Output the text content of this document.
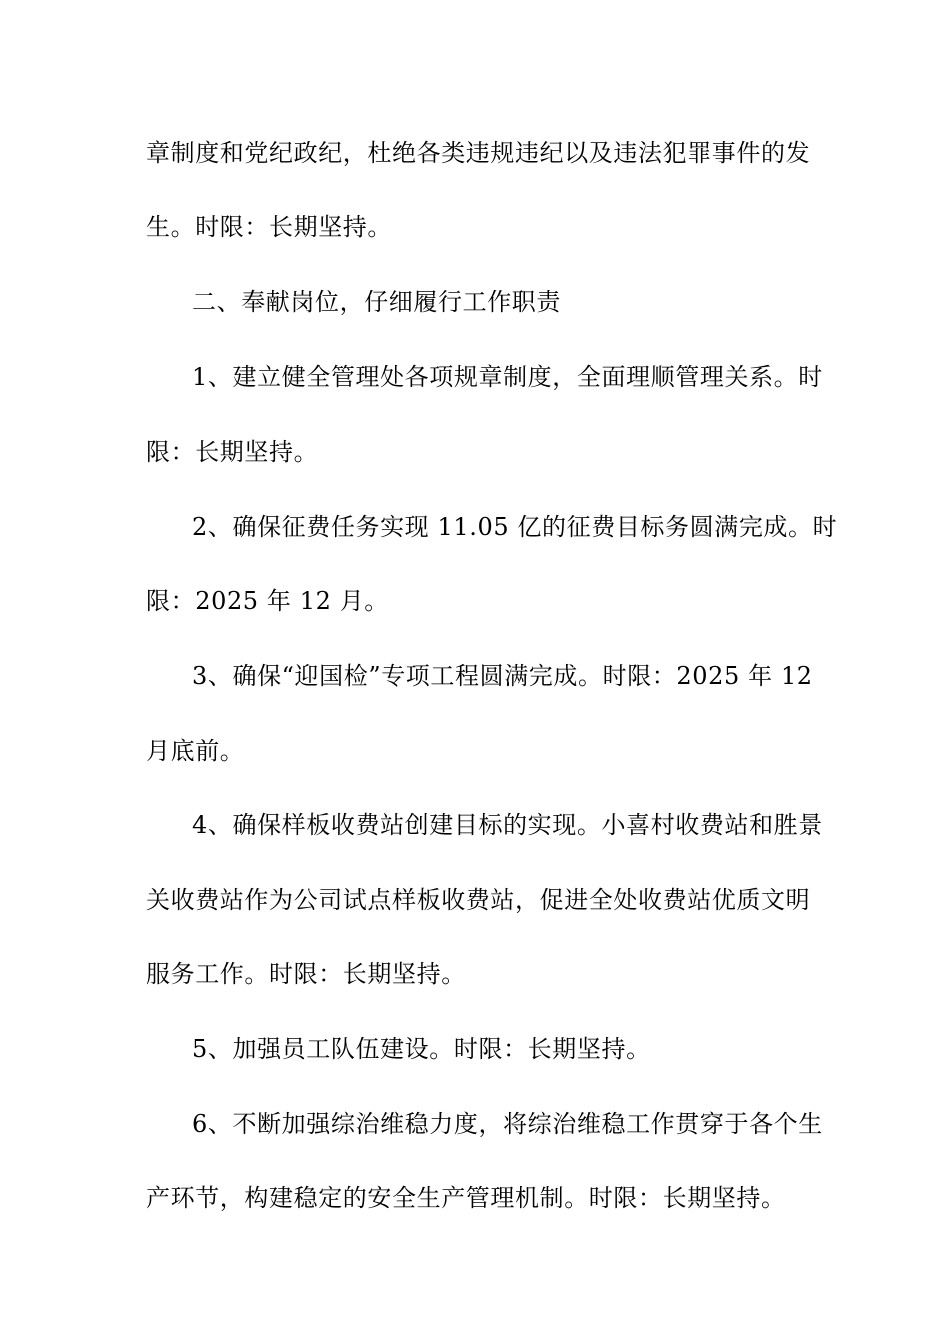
章制度和党纪政纪，杜绝各类违规违纪以及违法犯罪事件的发
生。时限：长期坚持。
二、奉献岗位，仔细履行工作职责
1、建立健全管理处各项规章制度，全面理顺管理关系。时
限：长期坚持。
2、确保征费任务实现 11.05 亿的征费目标务圆满完成。时
限：2025 年 12 月。
3、确保“迎国检”专项工程圆满完成。时限：2025 年 12
月底前。
4、确保样板收费站创建目标的实现。小喜村收费站和胜景
关收费站作为公司试点样板收费站，促进全处收费站优质文明
服务工作。时限：长期坚持。
5、加强员工队伍建设。时限：长期坚持。
6、不断加强综治维稳力度，将综治维稳工作贯穿于各个生
产环节，构建稳定的安全生产管理机制。时限：长期坚持。
